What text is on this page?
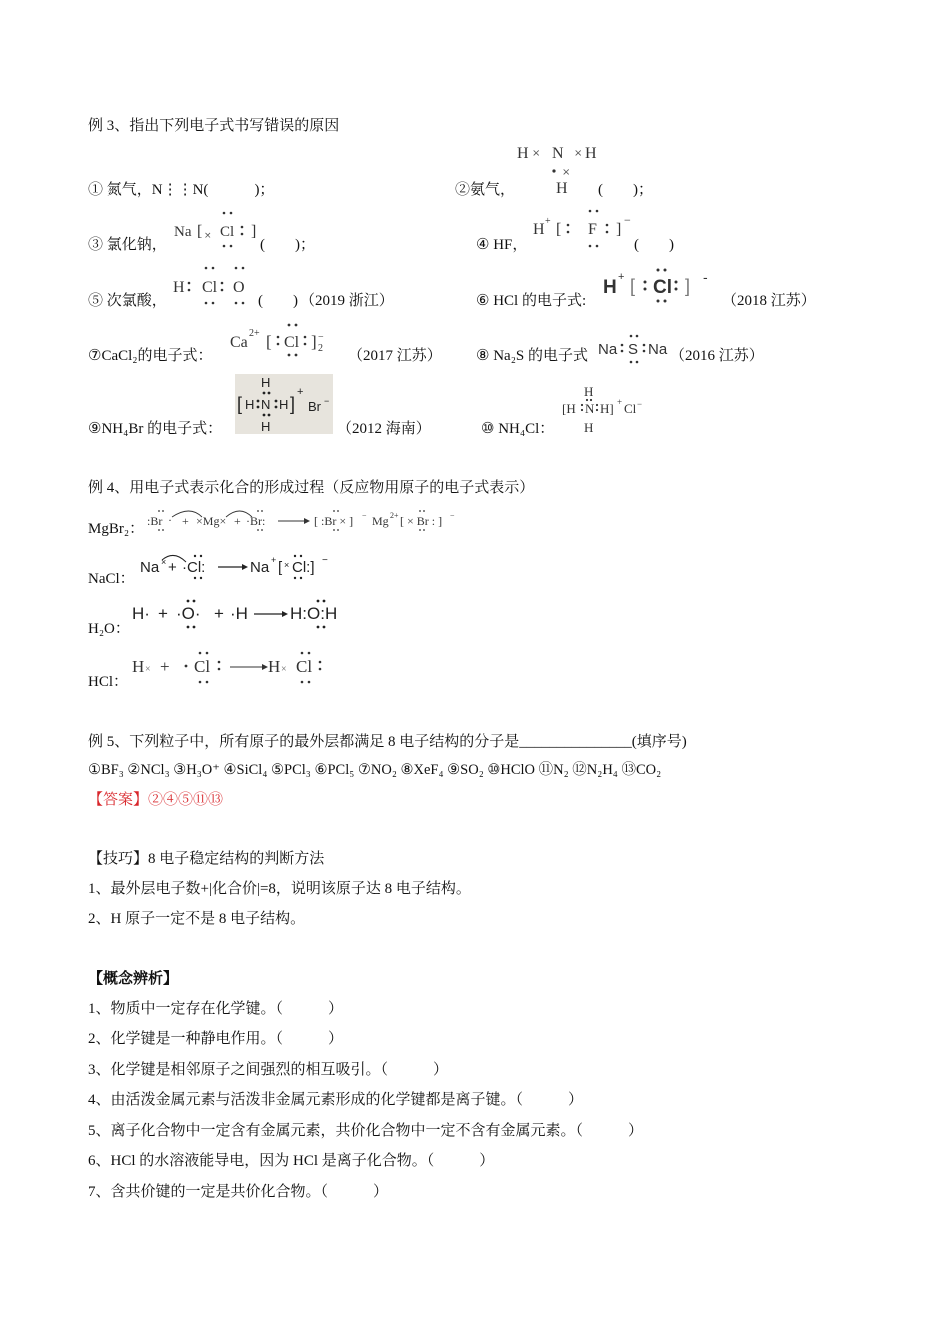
例 3、指出下列电子式书写错误的原因
① 氮气，N⋮⋮N(	)；	②氨气，
H × N × H
×
H (　　)；
③ 氯化钠，
Na [ × Cl ]
(　　)；	④ HF，
H + [ F ]
−
(　　)
⑤ 次氯酸，
H Cl O
(　　) （2019 浙江）	⑥ HCl 的电子式:
H + [ Cl ] -
（2018 江苏）
⑦CaCl₂的电子式：
Ca
2+ [ Cl ] −
2 （2017 江苏） ⑧ Na₂S 的电子式 Na S Na （2016 江苏）
⑨NH₄Br 的电子式：
H
[ H N H ]
+
H
Br −
（2012 海南）	⑩ NH₄Cl：
H
[H N H] + Cl −
H
例 4、用电子式表示化合的形成过程（反应物用原子的电子式表示）
MgBr₂： :Br · + ×Mg× + ·Br:	[ :Br × ] − Mg 2+ [ × Br : ] −
NaCl：
Na × + ·Cl:	Na + [ × Cl:] −
H₂O：
H· + ·O· + ·H H:O:H
HCl：
H × + Cl	H × Cl
例 5、下列粒子中，所有原子的最外层都满足 8 电子结构的分子是_______________(填序号)
①BF₃ ②NCl₃ ③H₃O⁺ ④SiCl₄ ⑤PCl₃ ⑥PCl₅ ⑦NO₂ ⑧XeF₄ ⑨SO₂ ⑩HClO ⑪N₂ ⑫N₂H₄ ⑬CO₂
【答案】②④⑤⑪⑬
【技巧】8 电子稳定结构的判断方法
1、最外层电子数+|化合价|=8，说明该原子达 8 电子结构。
2、H 原子一定不是 8 电子结构。
【概念辨析】
1、物质中一定存在化学键。（　　　）
2、化学键是一种静电作用。（　　　）
3、化学键是相邻原子之间强烈的相互吸引。（　　　）
4、由活泼金属元素与活泼非金属元素形成的化学键都是离子键。（　　　）
5、离子化合物中一定含有金属元素，共价化合物中一定不含有金属元素。（　　　）
6、HCl 的水溶液能导电，因为 HCl 是离子化合物。（　　　）
7、含共价键的一定是共价化合物。（　　　）
